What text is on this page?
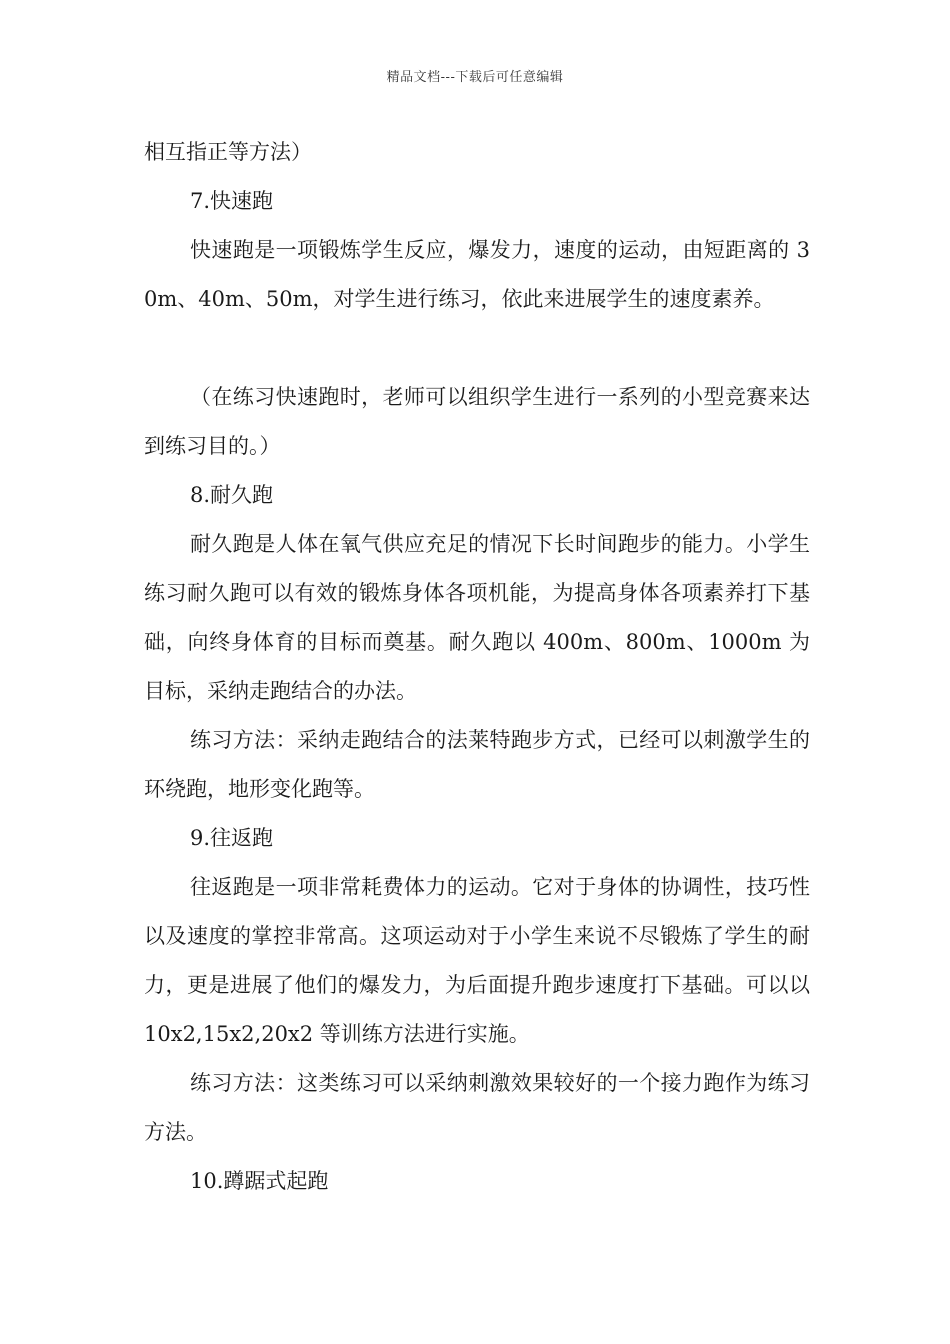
精品文档---下载后可任意编辑

相互指正等方法）

7.快速跑

快速跑是一项锻炼学生反应，爆发力，速度的运动，由短距离的 30m、40m、50m，对学生进行练习，依此来进展学生的速度素养。

（在练习快速跑时，老师可以组织学生进行一系列的小型竞赛来达到练习目的。）

8.耐久跑

耐久跑是人体在氧气供应充足的情况下长时间跑步的能力。小学生练习耐久跑可以有效的锻炼身体各项机能，为提高身体各项素养打下基础，向终身体育的目标而奠基。耐久跑以 400m、800m、1000m 为目标，采纳走跑结合的办法。

练习方法：采纳走跑结合的法莱特跑步方式，已经可以刺激学生的环绕跑，地形变化跑等。

9.往返跑

往返跑是一项非常耗费体力的运动。它对于身体的协调性，技巧性以及速度的掌控非常高。这项运动对于小学生来说不尽锻炼了学生的耐力，更是进展了他们的爆发力，为后面提升跑步速度打下基础。可以以 10x2,15x2,20x2 等训练方法进行实施。

练习方法：这类练习可以采纳刺激效果较好的一个接力跑作为练习方法。

10.蹲踞式起跑
